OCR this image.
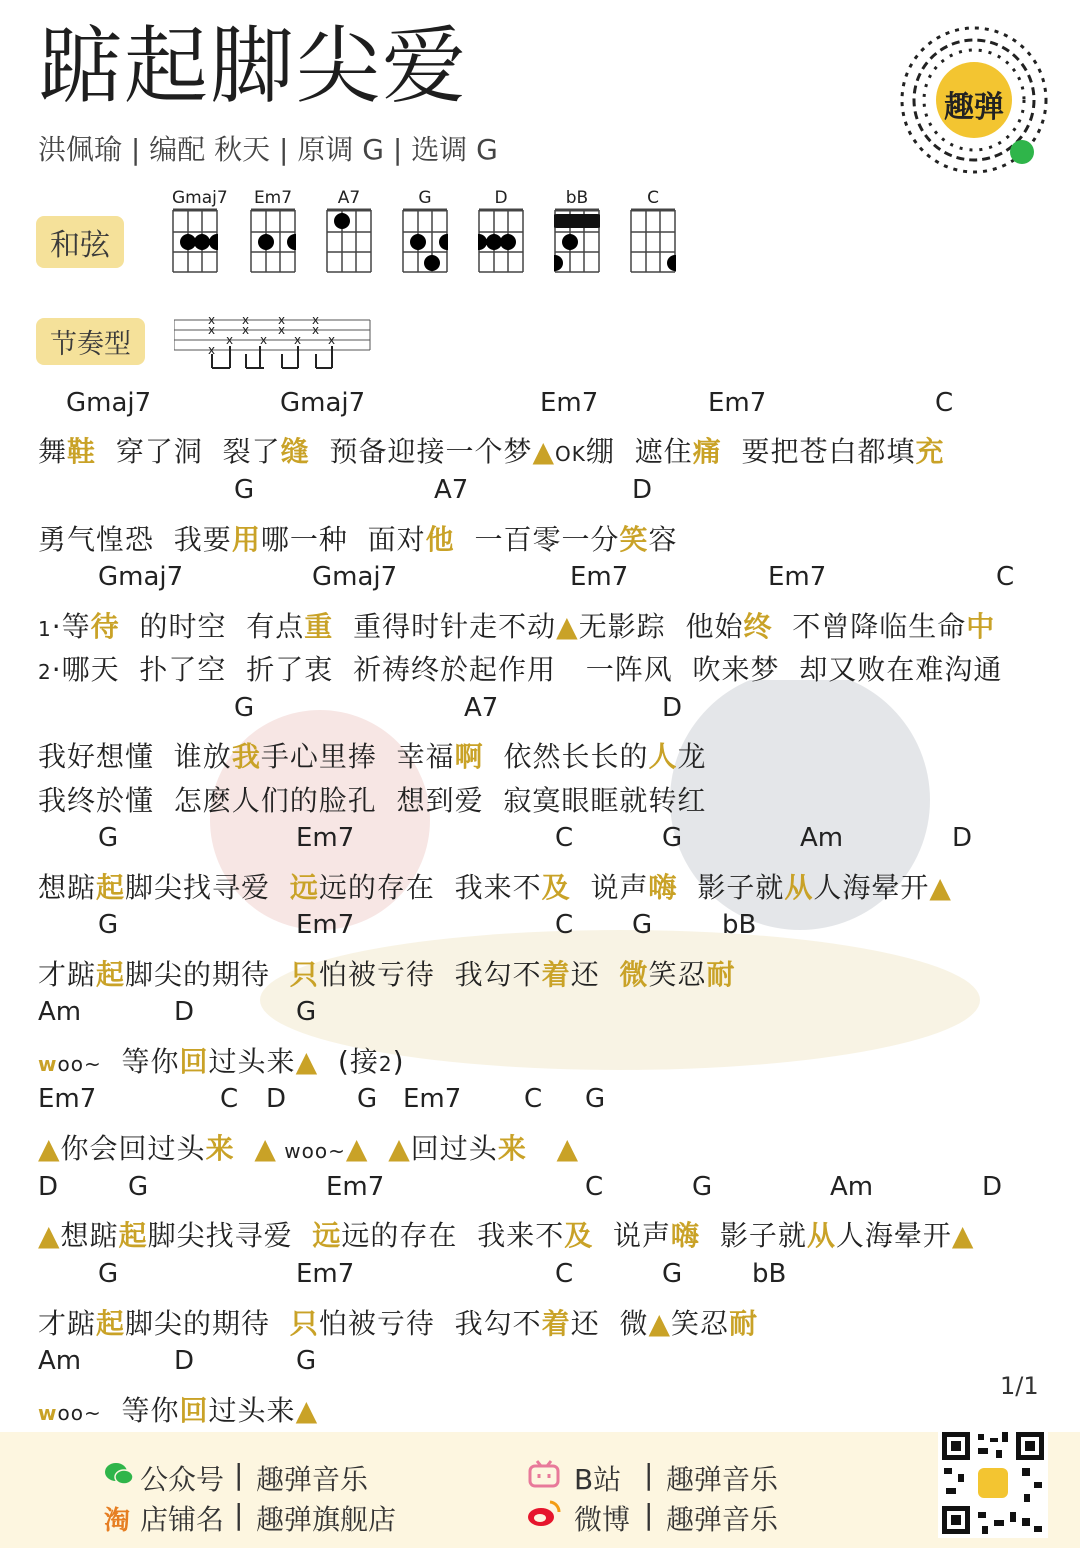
踮起脚尖爱
洪佩瑜 | 编配 秋天 | 原调 G | 选调 G
趣弹
和弦
节奏型
Gmaj7 Em7	A7	G	D	bB	C
x
x
x
x
x
x
x
x
x
x
x
x
x
Gmaj7	Gmaj7	Em7	Em7	C
舞鞋  穿了洞  裂了缝  预备迎接一个梦▲OK绷  遮住痛  要把苍白都填充
G	A7	D
勇气惶恐  我要用哪一种  面对他  一百零一分笑容
Gmaj7	Gmaj7	Em7	Em7	C
1·等待  的时空  有点重  重得时针走不动▲无影踪  他始终  不曾降临生命中
2·哪天  扑了空  折了衷  祈祷终於起作用   一阵风  吹来梦  却又败在难沟通
G	A7	D
我好想懂  谁放我手心里捧  幸福啊  依然长长的人龙
我终於懂  怎麽人们的脸孔  想到爱  寂寞眼眶就转红
G	Em7	C	G	Am	D
想踮起脚尖找寻爱  远远的存在  我来不及  说声嗨  影子就从人海晕开▲
G	Em7	C G	bB
才踮起脚尖的期待  只怕被亏待  我勾不着还  微笑忍耐
Am	D	G
woo~  等你回过头来▲  (接2)
Em7	C D	G Em7 C G
▲你会回过头来 ▲ woo~▲ ▲回过头来 ▲
D	G	Em7	C	G	Am	D
▲想踮起脚尖找寻爱  远远的存在  我来不及  说声嗨  影子就从人海晕开▲
G	Em7	C	G	bB
才踮起脚尖的期待  只怕被亏待  我勾不着还  微▲笑忍耐
Am	D	G
woo~  等你回过头来▲
1/1
公众号 | 趣弹音乐
淘 店铺名 | 趣弹旗舰店
B站 | 趣弹音乐
微博 | 趣弹音乐
